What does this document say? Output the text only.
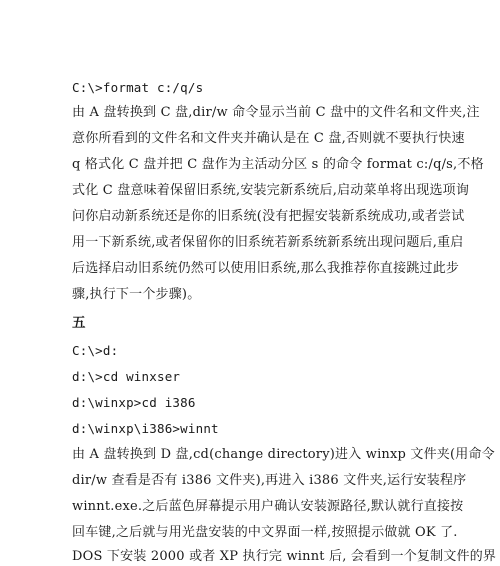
C:\>format c:/q/s
由 A 盘转换到 C 盘,dir/w 命令显示当前 C 盘中的文件名和文件夹,注
意你所看到的文件名和文件夹并确认是在 C 盘,否则就不要执行快速
q 格式化 C 盘并把 C 盘作为主活动分区 s 的命令 format c:/q/s,不格
式化 C 盘意味着保留旧系统,安装完新系统后,启动菜单将出现选项询
问你启动新系统还是你的旧系统(没有把握安装新系统成功,或者尝试
用一下新系统,或者保留你的旧系统若新系统新系统出现问题后,重启
后选择启动旧系统仍然可以使用旧系统,那么我推荐你直接跳过此步
骤,执行下一个步骤)。
五
C:\>d:
d:\>cd winxser
d:\winxp>cd i386
d:\winxp\i386>winnt
由 A 盘转换到 D 盘,cd(change directory)进入 winxp 文件夹(用命令
dir/w 查看是否有 i386 文件夹),再进入 i386 文件夹,运行安装程序
winnt.exe.之后蓝色屏幕提示用户确认安装源路径,默认就行直接按
回车键,之后就与用光盘安装的中文界面一样,按照提示做就 OK 了.
DOS 下安装 2000 或者 XP 执行完 winnt 后, 会看到一个复制文件的界
